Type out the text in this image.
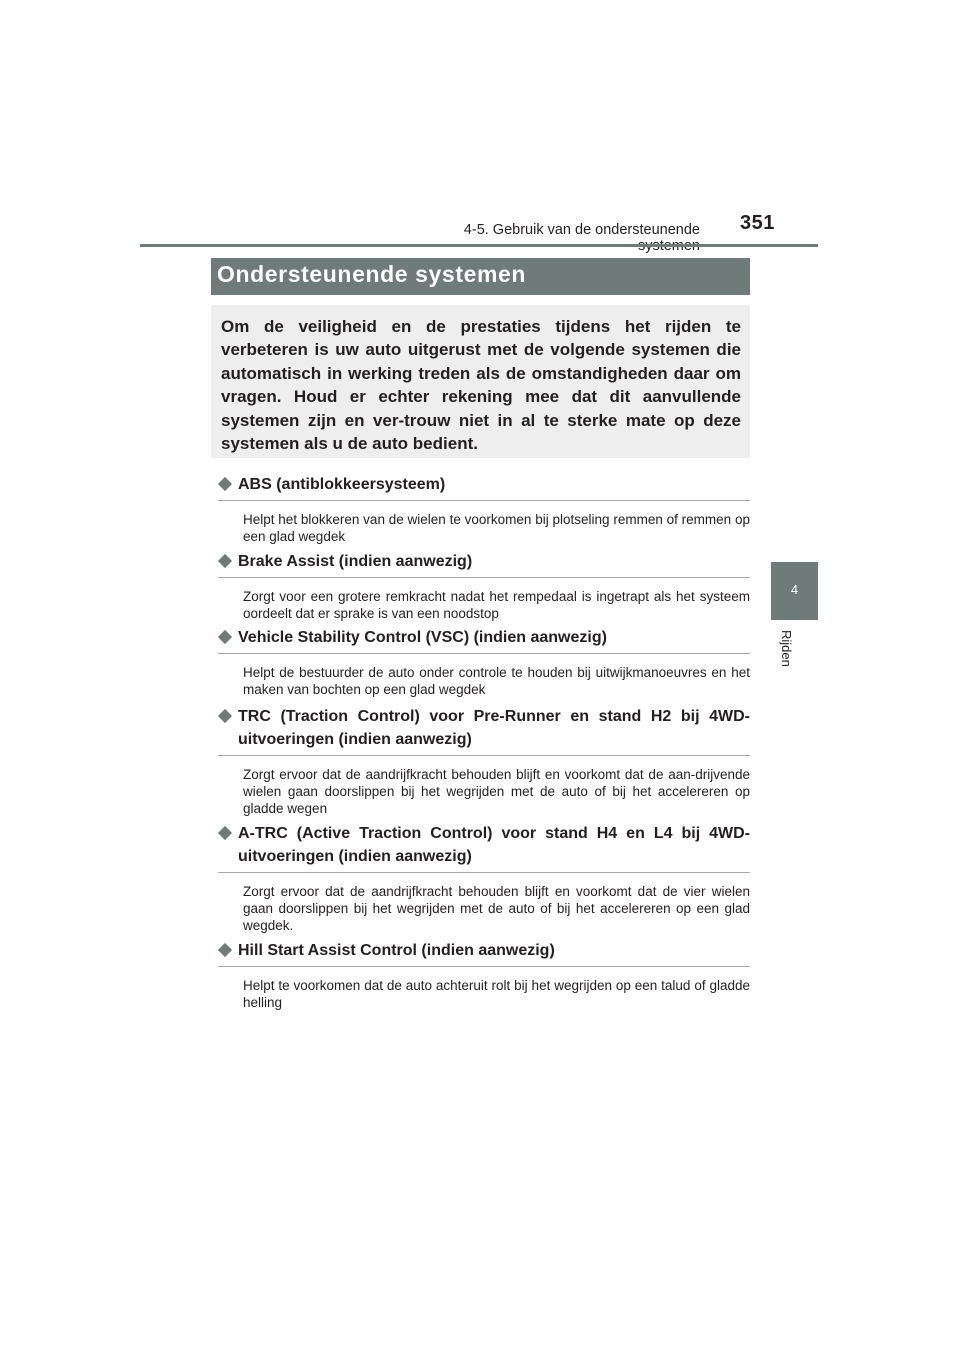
351
4-5. Gebruik van de ondersteunende
4
Rijden
Ondersteunende systemen
Om de veiligheid en de prestaties tijdens het rijden te verbeteren is uw auto uitgerust met de volgende systemen die automatisch in werking treden als de omstandigheden daar om vragen. Houd er echter rekening mee dat dit aanvullende systemen zijn en ver-trouw niet in al te sterke mate op deze systemen als u de auto bedient.
ABS (antiblokkeersysteem)
Helpt het blokkeren van de wielen te voorkomen bij plotseling remmen of remmen op een glad wegdek
Brake Assist (indien aanwezig)
Zorgt voor een grotere remkracht nadat het rempedaal is ingetrapt als het systeem oordeelt dat er sprake is van een noodstop
Vehicle Stability Control (VSC) (indien aanwezig)
Helpt de bestuurder de auto onder controle te houden bij uitwijkmanoeuvres en het maken van bochten op een glad wegdek
TRC (Traction Control) voor Pre-Runner en stand H2 bij 4WD-uitvoeringen (indien aanwezig)
Zorgt ervoor dat de aandrijfkracht behouden blijft en voorkomt dat de aan-drijvende wielen gaan doorslippen bij het wegrijden met de auto of bij het accelereren op gladde wegen
A-TRC (Active Traction Control) voor stand H4 en L4 bij 4WD-uitvoeringen (indien aanwezig)
Zorgt ervoor dat de aandrijfkracht behouden blijft en voorkomt dat de vier wielen gaan doorslippen bij het wegrijden met de auto of bij het accelereren op een glad wegdek.
Hill Start Assist Control (indien aanwezig)
Helpt te voorkomen dat de auto achteruit rolt bij het wegrijden op een talud of gladde helling
